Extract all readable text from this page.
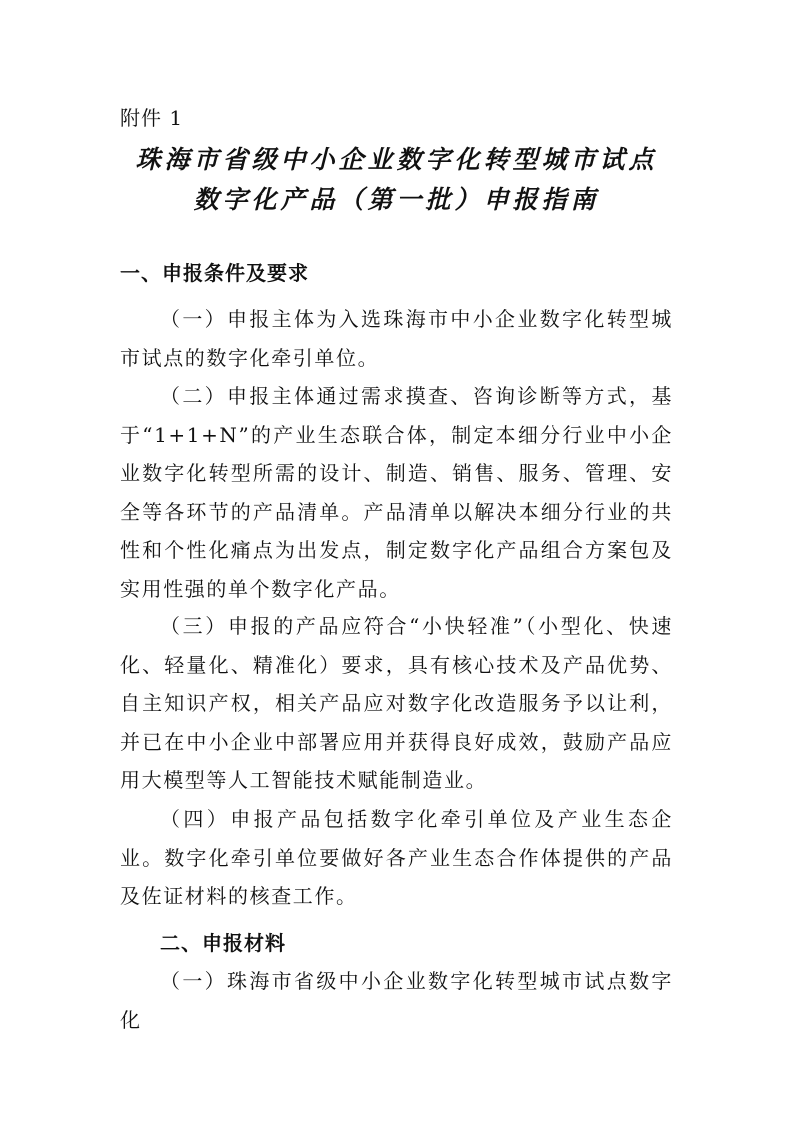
附件 1
珠海市省级中小企业数字化转型城市试点
数字化产品（第一批）申报指南
一、申报条件及要求

（一）申报主体为入选珠海市中小企业数字化转型城市试点的数字化牵引单位。

（二）申报主体通过需求摸查、咨询诊断等方式，基于“1+1+N”的产业生态联合体，制定本细分行业中小企业数字化转型所需的设计、制造、销售、服务、管理、安全等各环节的产品清单。产品清单以解决本细分行业的共性和个性化痛点为出发点，制定数字化产品组合方案包及实用性强的单个数字化产品。

（三）申报的产品应符合“小快轻准”（小型化、快速化、轻量化、精准化）要求，具有核心技术及产品优势、自主知识产权，相关产品应对数字化改造服务予以让利，并已在中小企业中部署应用并获得良好成效，鼓励产品应用大模型等人工智能技术赋能制造业。

（四）申报产品包括数字化牵引单位及产业生态企业。数字化牵引单位要做好各产业生态合作体提供的产品及佐证材料的核查工作。

二、申报材料

（一）珠海市省级中小企业数字化转型城市试点数字化
